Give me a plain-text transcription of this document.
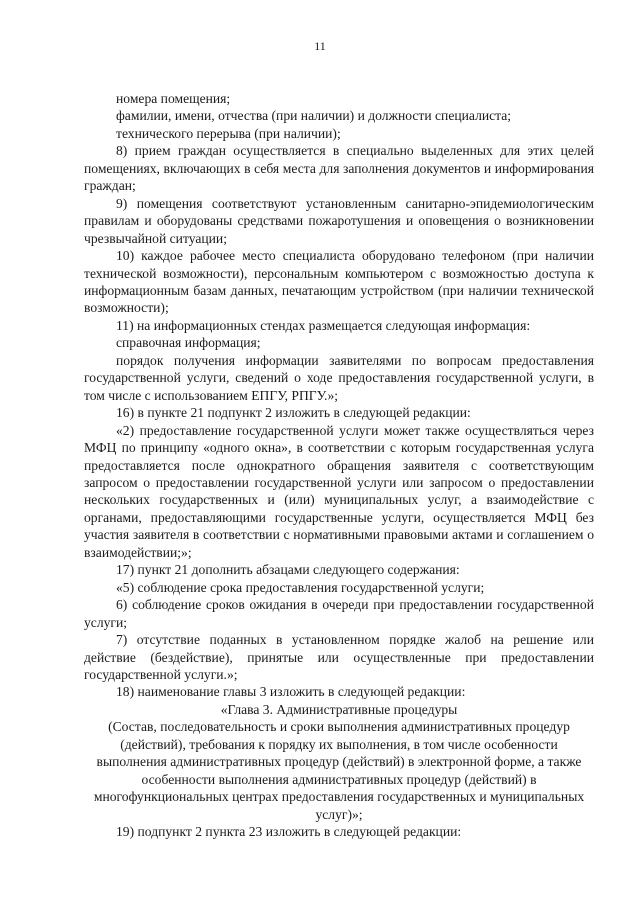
11

номера помещения;

фамилии, имени, отчества (при наличии) и должности специалиста;

технического перерыва (при наличии);

8) прием граждан осуществляется в специально выделенных для этих целей помещениях, включающих в себя места для заполнения документов и информирования граждан;

9) помещения соответствуют установленным санитарно-эпидемиологическим правилам и оборудованы средствами пожаротушения и оповещения о возникновении чрезвычайной ситуации;

10) каждое рабочее место специалиста оборудовано телефоном (при наличии технической возможности), персональным компьютером с возможностью доступа к информационным базам данных, печатающим устройством (при наличии технической возможности);

11) на информационных стендах размещается следующая информация:

справочная информация;

порядок получения информации заявителями по вопросам предоставления государственной услуги, сведений о ходе предоставления государственной услуги, в том числе с использованием ЕПГУ, РПГУ.»;

16) в пункте 21 подпункт 2 изложить в следующей редакции:

«2) предоставление государственной услуги может также осуществляться через МФЦ по принципу «одного окна», в соответствии с которым государственная услуга предоставляется после однократного обращения заявителя с соответствующим запросом о предоставлении государственной услуги или запросом о предоставлении нескольких государственных и (или) муниципальных услуг, а взаимодействие с органами, предоставляющими государственные услуги, осуществляется МФЦ без участия заявителя в соответствии с нормативными правовыми актами и соглашением о взаимодействии;»;

17) пункт 21 дополнить абзацами следующего содержания:

«5) соблюдение срока предоставления государственной услуги;

6) соблюдение сроков ожидания в очереди при предоставлении государственной услуги;

7) отсутствие поданных в установленном порядке жалоб на решение или действие (бездействие), принятые или осуществленные при предоставлении государственной услуги.»;

18) наименование главы 3 изложить в следующей редакции:

«Глава 3. Административные процедуры

(Состав, последовательность и сроки выполнения административных процедур (действий), требования к порядку их выполнения, в том числе особенности выполнения административных процедур (действий) в электронной форме, а также особенности выполнения административных процедур (действий) в многофункциональных центрах предоставления государственных и муниципальных услуг)»;

19) подпункт 2 пункта 23 изложить в следующей редакции:
